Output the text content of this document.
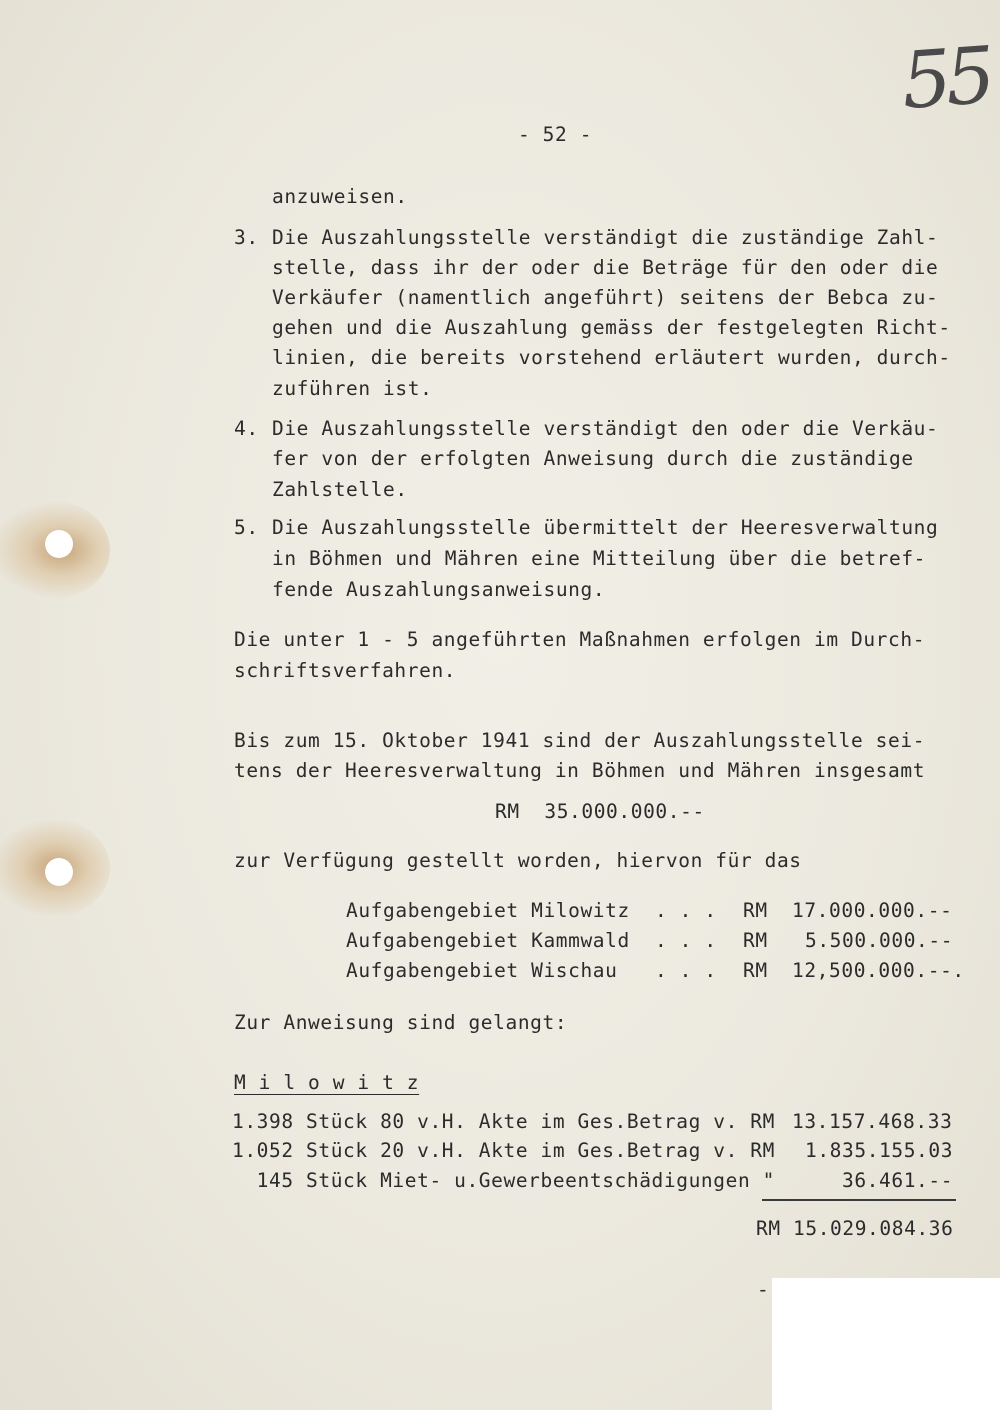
55
- 52 -
anzuweisen.
3. Die Auszahlungsstelle verständigt die zuständige Zahl-
stelle, dass ihr der oder die Beträge für den oder die
Verkäufer (namentlich angeführt) seitens der Bebca zu-
gehen und die Auszahlung gemäss der festgelegten Richt-
linien, die bereits vorstehend erläutert wurden, durch-
zuführen ist.
4. Die Auszahlungsstelle verständigt den oder die Verkäu-
fer von der erfolgten Anweisung durch die zuständige
Zahlstelle.
5. Die Auszahlungsstelle übermittelt der Heeresverwaltung
in Böhmen und Mähren eine Mitteilung über die betref-
fende Auszahlungsanweisung.
Die unter 1 - 5 angeführten Maßnahmen erfolgen im Durch-
schriftsverfahren.
Bis zum 15. Oktober 1941 sind der Auszahlungsstelle sei-
tens der Heeresverwaltung in Böhmen und Mähren insgesamt
RM  35.000.000.--
zur Verfügung gestellt worden, hiervon für das
Aufgabengebiet Milowitz . . . RM 17.000.000.--
Aufgabengebiet Kammwald . . . RM 5.500.000.--
Aufgabengebiet Wischau . . . RM 12,500.000.--.
Zur Anweisung sind gelangt:
M i l o w i t z
1.398 Stück 80 v.H. Akte im Ges.Betrag v. RM 13.157.468.33
1.052 Stück 20 v.H. Akte im Ges.Betrag v. RM 1.835.155.03
145 Stück Miet- u.Gewerbeentschädigungen "	36.461.--
RM 15.029.084.36
-
